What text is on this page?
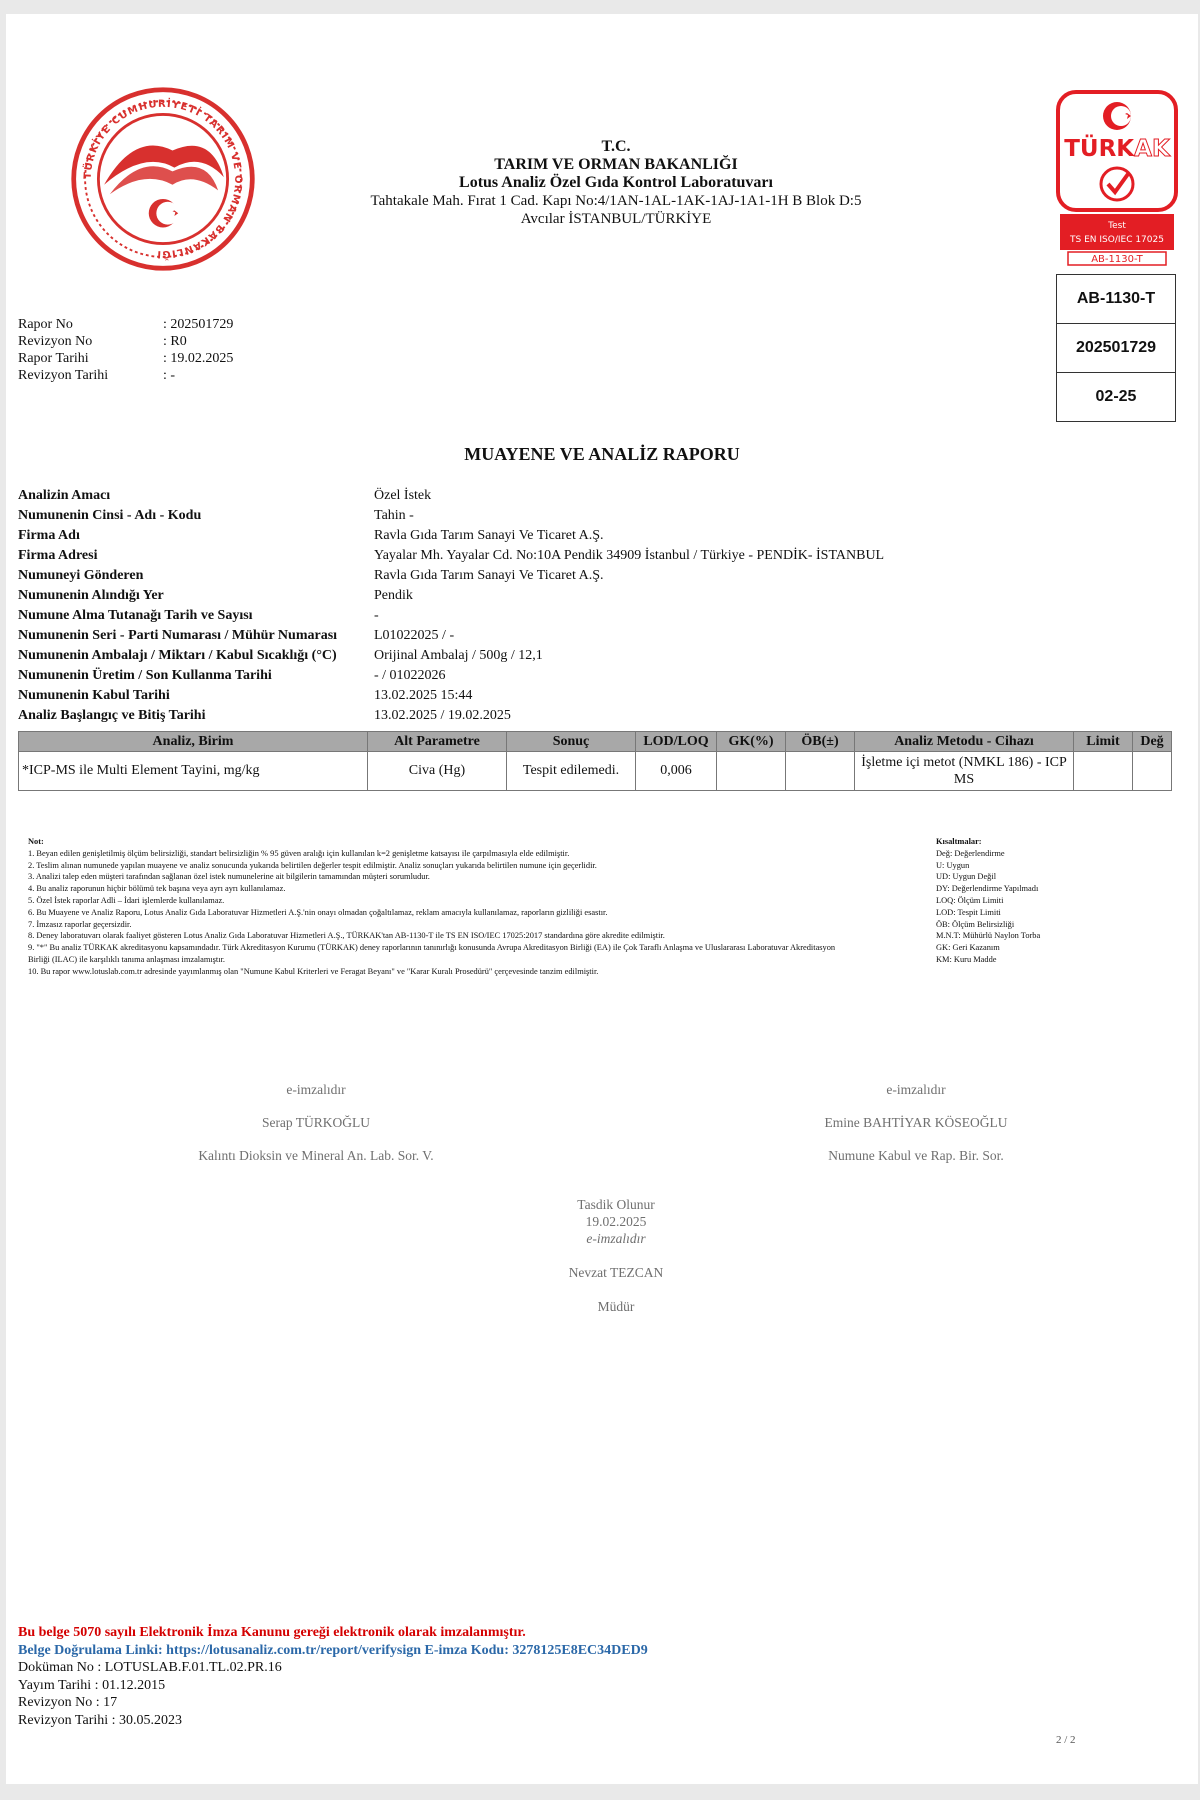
TÜRKİYE CUMHURİYETİ TARIM VE ORMAN BAKANLIĞI
T.C.
TARIM VE ORMAN BAKANLIĞI
Lotus Analiz Özel Gıda Kontrol Laboratuvarı
Tahtakale Mah. Fırat 1 Cad. Kapı No:4/1AN-1AL-1AK-1AJ-1A1-1H B Blok D:5
Avcılar İSTANBUL/TÜRKİYE
TÜRKAK
Test
TS EN ISO/IEC 17025
AB-1130-T
AB-1130-T
202501729
02-25
Rapor No	: 202501729
Revizyon No	: R0
Rapor Tarihi	: 19.02.2025
Revizyon Tarihi	: -
MUAYENE VE ANALİZ RAPORU
Analizin Amacı	Özel İstek
Numunenin Cinsi - Adı - Kodu	Tahin -
Firma Adı	Ravla Gıda Tarım Sanayi Ve Ticaret A.Ş.
Firma Adresi	Yayalar Mh. Yayalar Cd. No:10A Pendik 34909 İstanbul / Türkiye - PENDİK- İSTANBUL
Numuneyi Gönderen	Ravla Gıda Tarım Sanayi Ve Ticaret A.Ş.
Numunenin Alındığı Yer	Pendik
Numune Alma Tutanağı Tarih ve Sayısı	-
Numunenin Seri - Parti Numarası / Mühür Numarası	L01022025 / -
Numunenin Ambalajı / Miktarı / Kabul Sıcaklığı (°C)	Orijinal Ambalaj / 500g / 12,1
Numunenin Üretim / Son Kullanma Tarihi	- / 01022026
Numunenin Kabul Tarihi	13.02.2025 15:44
Analiz Başlangıç ve Bitiş Tarihi	13.02.2025 / 19.02.2025
Analiz, Birim	Alt Parametre	Sonuç	LOD/LOQ	GK(%)	ÖB(±)	Analiz Metodu - Cihazı	Limit	Değ
*ICP-MS ile Multi Element Tayini, mg/kg	Civa (Hg)	Tespit edilemedi.	0,006			İşletme içi metot (NMKL 186) - ICP MS		
Not:
1. Beyan edilen genişletilmiş ölçüm belirsizliği, standart belirsizliğin % 95 güven aralığı için kullanılan k=2 genişletme katsayısı ile çarpılmasıyla elde edilmiştir.
2. Teslim alınan numunede yapılan muayene ve analiz sonucunda yukarıda belirtilen değerler tespit edilmiştir. Analiz sonuçları yukarıda belirtilen numune için geçerlidir.
3. Analizi talep eden müşteri tarafından sağlanan özel istek numunelerine ait bilgilerin tamamından müşteri sorumludur.
4. Bu analiz raporunun hiçbir bölümü tek başına veya ayrı ayrı kullanılamaz.
5. Özel İstek raporlar Adli – İdari işlemlerde kullanılamaz.
6. Bu Muayene ve Analiz Raporu, Lotus Analiz Gıda Laboratuvar Hizmetleri A.Ş.'nin onayı olmadan çoğaltılamaz, reklam amacıyla kullanılamaz, raporların gizliliği esastır.
7. İmzasız raporlar geçersizdir.
8. Deney laboratuvarı olarak faaliyet gösteren Lotus Analiz Gıda Laboratuvar Hizmetleri A.Ş., TÜRKAK'tan AB-1130-T ile TS EN ISO/IEC 17025:2017 standardına göre akredite edilmiştir.
9. "*" Bu analiz TÜRKAK akreditasyonu kapsamındadır. Türk Akreditasyon Kurumu (TÜRKAK) deney raporlarının tanınırlığı konusunda Avrupa Akreditasyon Birliği (EA) ile Çok Taraflı Anlaşma ve Uluslararası Laboratuvar Akreditasyon Birliği (ILAC) ile karşılıklı tanıma anlaşması imzalamıştır.
10. Bu rapor www.lotuslab.com.tr adresinde yayımlanmış olan "Numune Kabul Kriterleri ve Feragat Beyanı" ve "Karar Kuralı Prosedürü" çerçevesinde tanzim edilmiştir.
Kısaltmalar:
Değ: Değerlendirme
U: Uygun
UD: Uygun Değil
DY: Değerlendirme Yapılmadı
LOQ: Ölçüm Limiti
LOD: Tespit Limiti
ÖB: Ölçüm Belirsizliği
M.N.T: Mühürlü Naylon Torba
GK: Geri Kazanım
KM: Kuru Madde
e-imzalıdır
Serap TÜRKOĞLU
Kalıntı Dioksin ve Mineral An. Lab. Sor. V.
e-imzalıdır
Emine BAHTİYAR KÖSEOĞLU
Numune Kabul ve Rap. Bir. Sor.
Tasdik Olunur
19.02.2025
e-imzalıdır
Nevzat TEZCAN
Müdür
Bu belge 5070 sayılı Elektronik İmza Kanunu gereği elektronik olarak imzalanmıştır.
Belge Doğrulama Linki: https://lotusanaliz.com.tr/report/verifysign E-imza Kodu: 3278125E8EC34DED9
Doküman No : LOTUSLAB.F.01.TL.02.PR.16
Yayım Tarihi : 01.12.2015
Revizyon No : 17
Revizyon Tarihi : 30.05.2023
2 / 2
